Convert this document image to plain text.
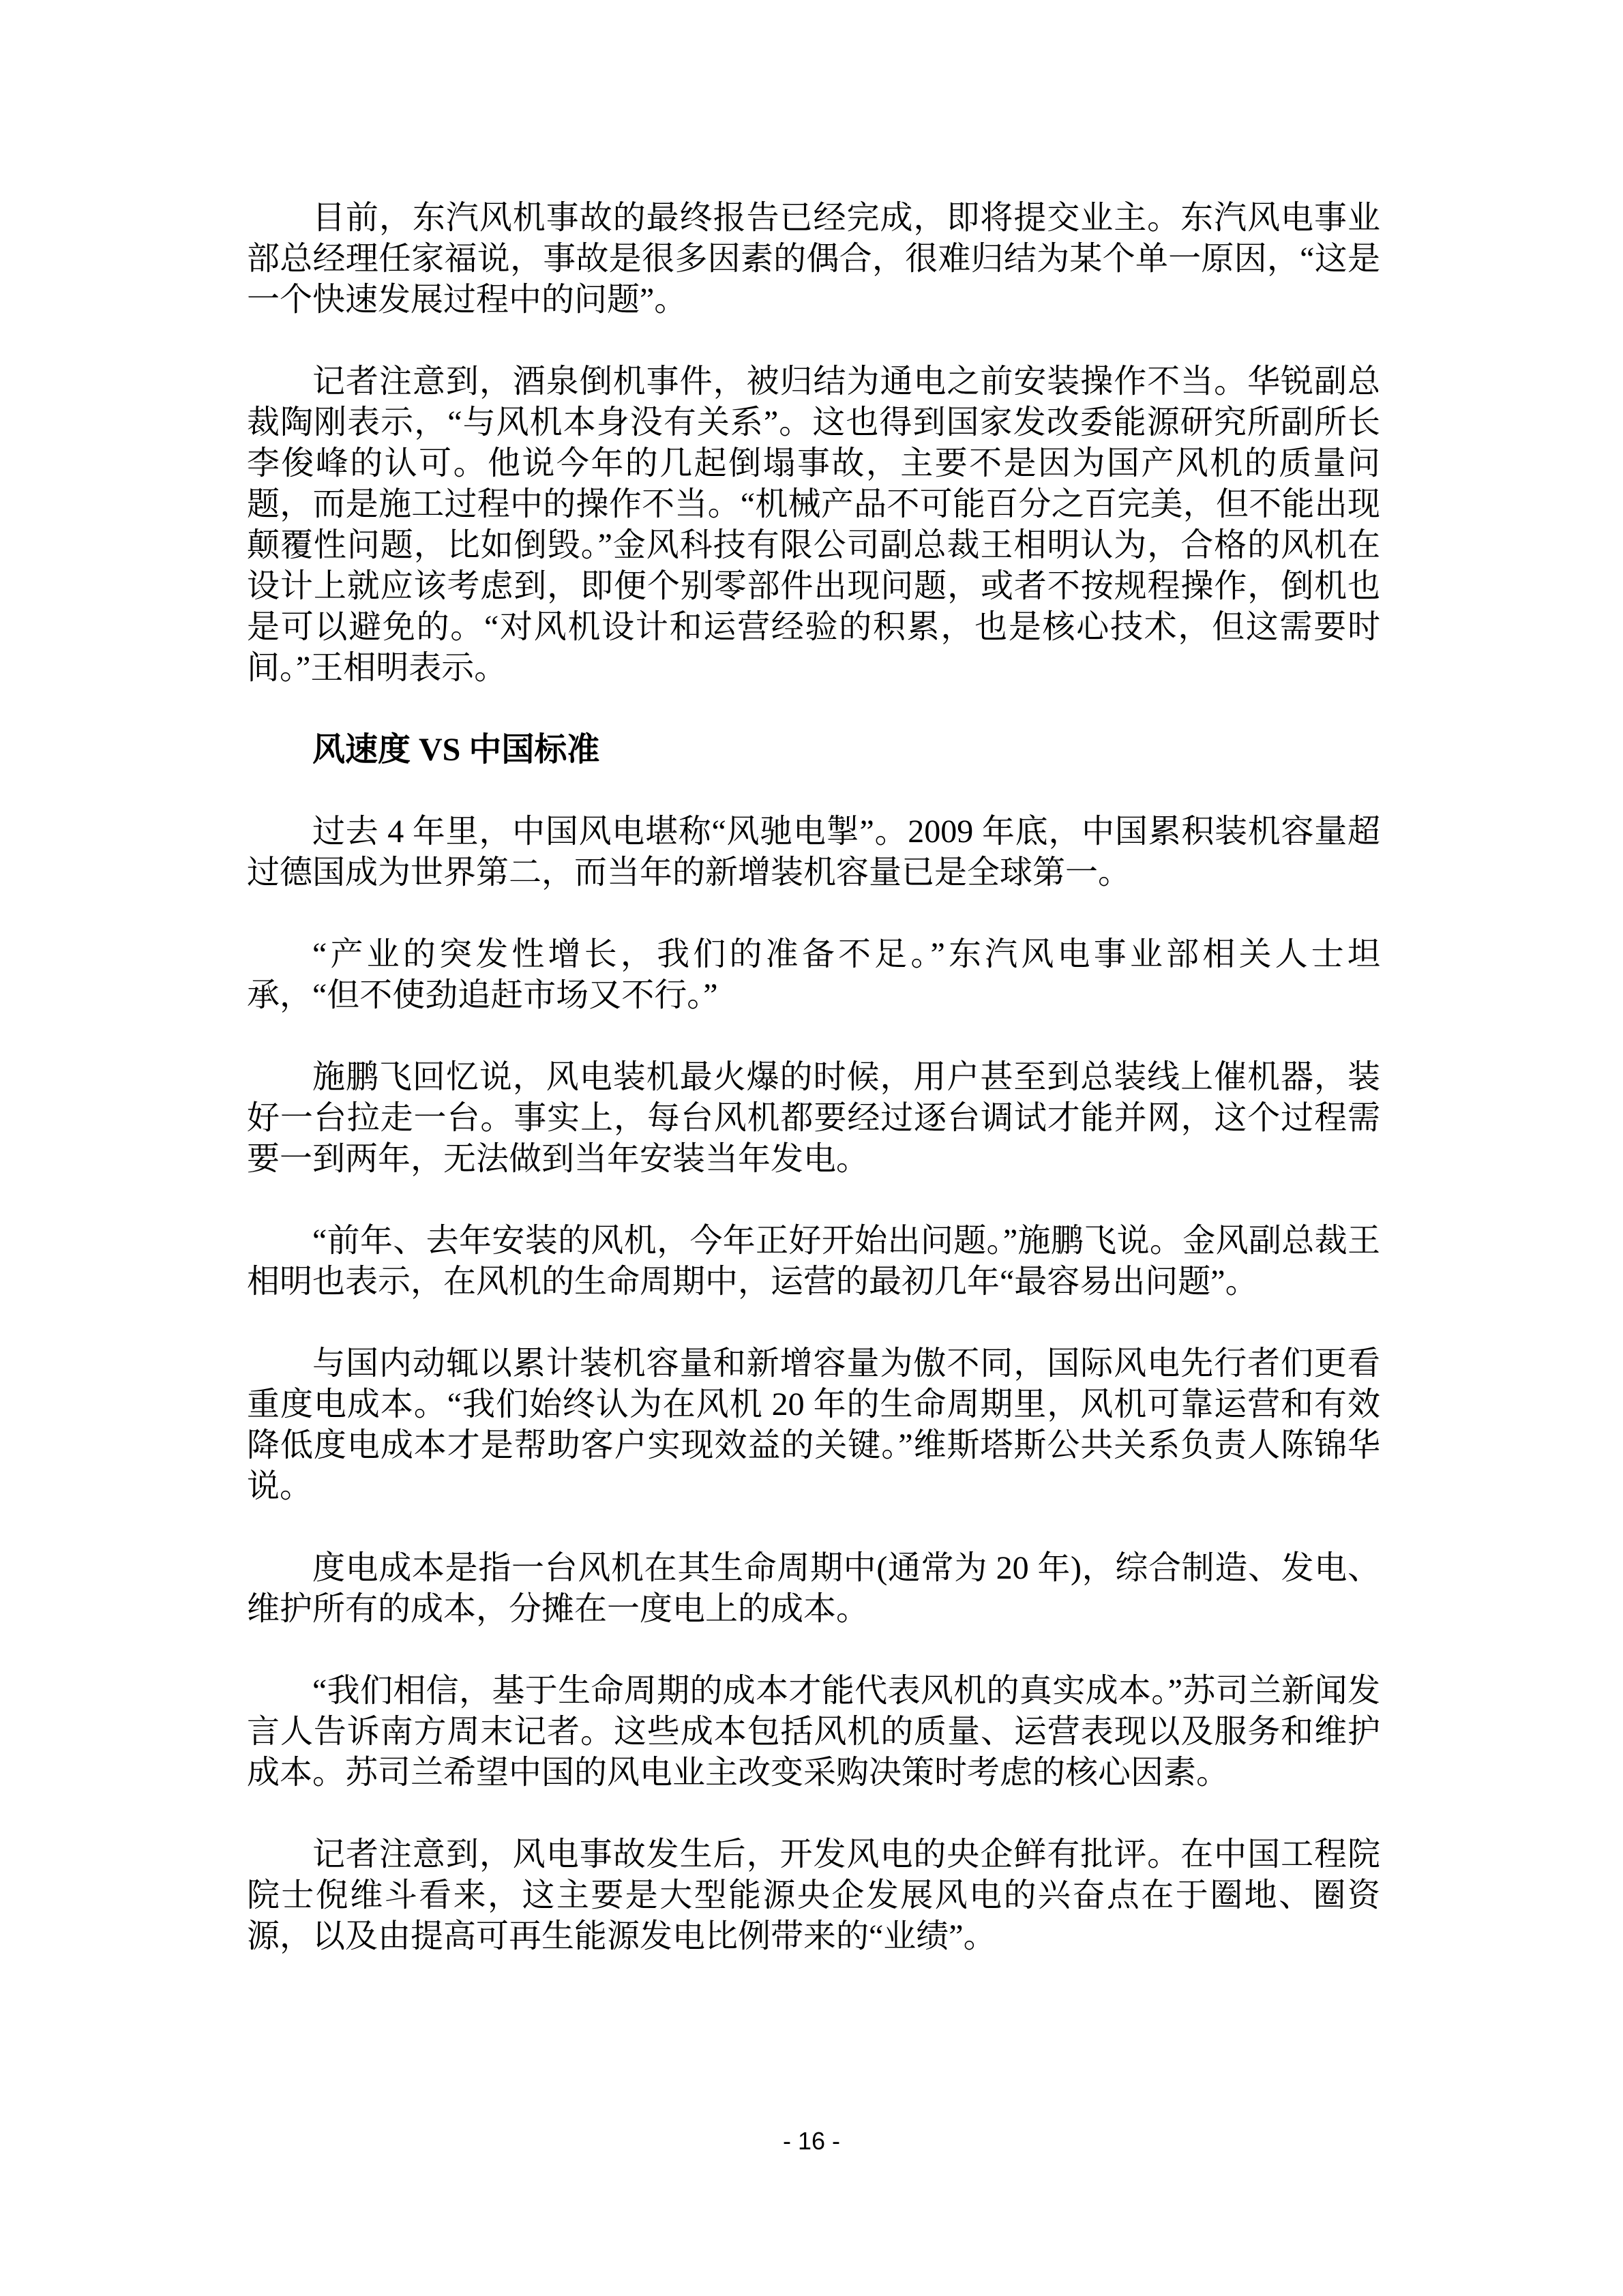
目前，东汽风机事故的最终报告已经完成，即将提交业主。东汽风电事业部总经理任家福说，事故是很多因素的偶合，很难归结为某个单一原因，“这是一个快速发展过程中的问题”。
记者注意到，酒泉倒机事件，被归结为通电之前安装操作不当。华锐副总裁陶刚表示，“与风机本身没有关系”。这也得到国家发改委能源研究所副所长李俊峰的认可。他说今年的几起倒塌事故，主要不是因为国产风机的质量问题，而是施工过程中的操作不当。“机械产品不可能百分之百完美，但不能出现颠覆性问题，比如倒毁。”金风科技有限公司副总裁王相明认为，合格的风机在设计上就应该考虑到，即便个别零部件出现问题，或者不按规程操作，倒机也是可以避免的。“对风机设计和运营经验的积累，也是核心技术，但这需要时间。”王相明表示。
风速度 VS 中国标准
过去 4 年里，中国风电堪称“风驰电掣”。2009 年底，中国累积装机容量超过德国成为世界第二，而当年的新增装机容量已是全球第一。
“产业的突发性增长，我们的准备不足。”东汽风电事业部相关人士坦承，“但不使劲追赶市场又不行。”
施鹏飞回忆说，风电装机最火爆的时候，用户甚至到总装线上催机器，装好一台拉走一台。事实上，每台风机都要经过逐台调试才能并网，这个过程需要一到两年，无法做到当年安装当年发电。
“前年、去年安装的风机，今年正好开始出问题。”施鹏飞说。金风副总裁王相明也表示，在风机的生命周期中，运营的最初几年“最容易出问题”。
与国内动辄以累计装机容量和新增容量为傲不同，国际风电先行者们更看重度电成本。“我们始终认为在风机 20 年的生命周期里，风机可靠运营和有效降低度电成本才是帮助客户实现效益的关键。”维斯塔斯公共关系负责人陈锦华说。
度电成本是指一台风机在其生命周期中(通常为 20 年)，综合制造、发电、维护所有的成本，分摊在一度电上的成本。
“我们相信，基于生命周期的成本才能代表风机的真实成本。”苏司兰新闻发言人告诉南方周末记者。这些成本包括风机的质量、运营表现以及服务和维护成本。苏司兰希望中国的风电业主改变采购决策时考虑的核心因素。
记者注意到，风电事故发生后，开发风电的央企鲜有批评。在中国工程院院士倪维斗看来，这主要是大型能源央企发展风电的兴奋点在于圈地、圈资源，以及由提高可再生能源发电比例带来的“业绩”。
- 16 -
